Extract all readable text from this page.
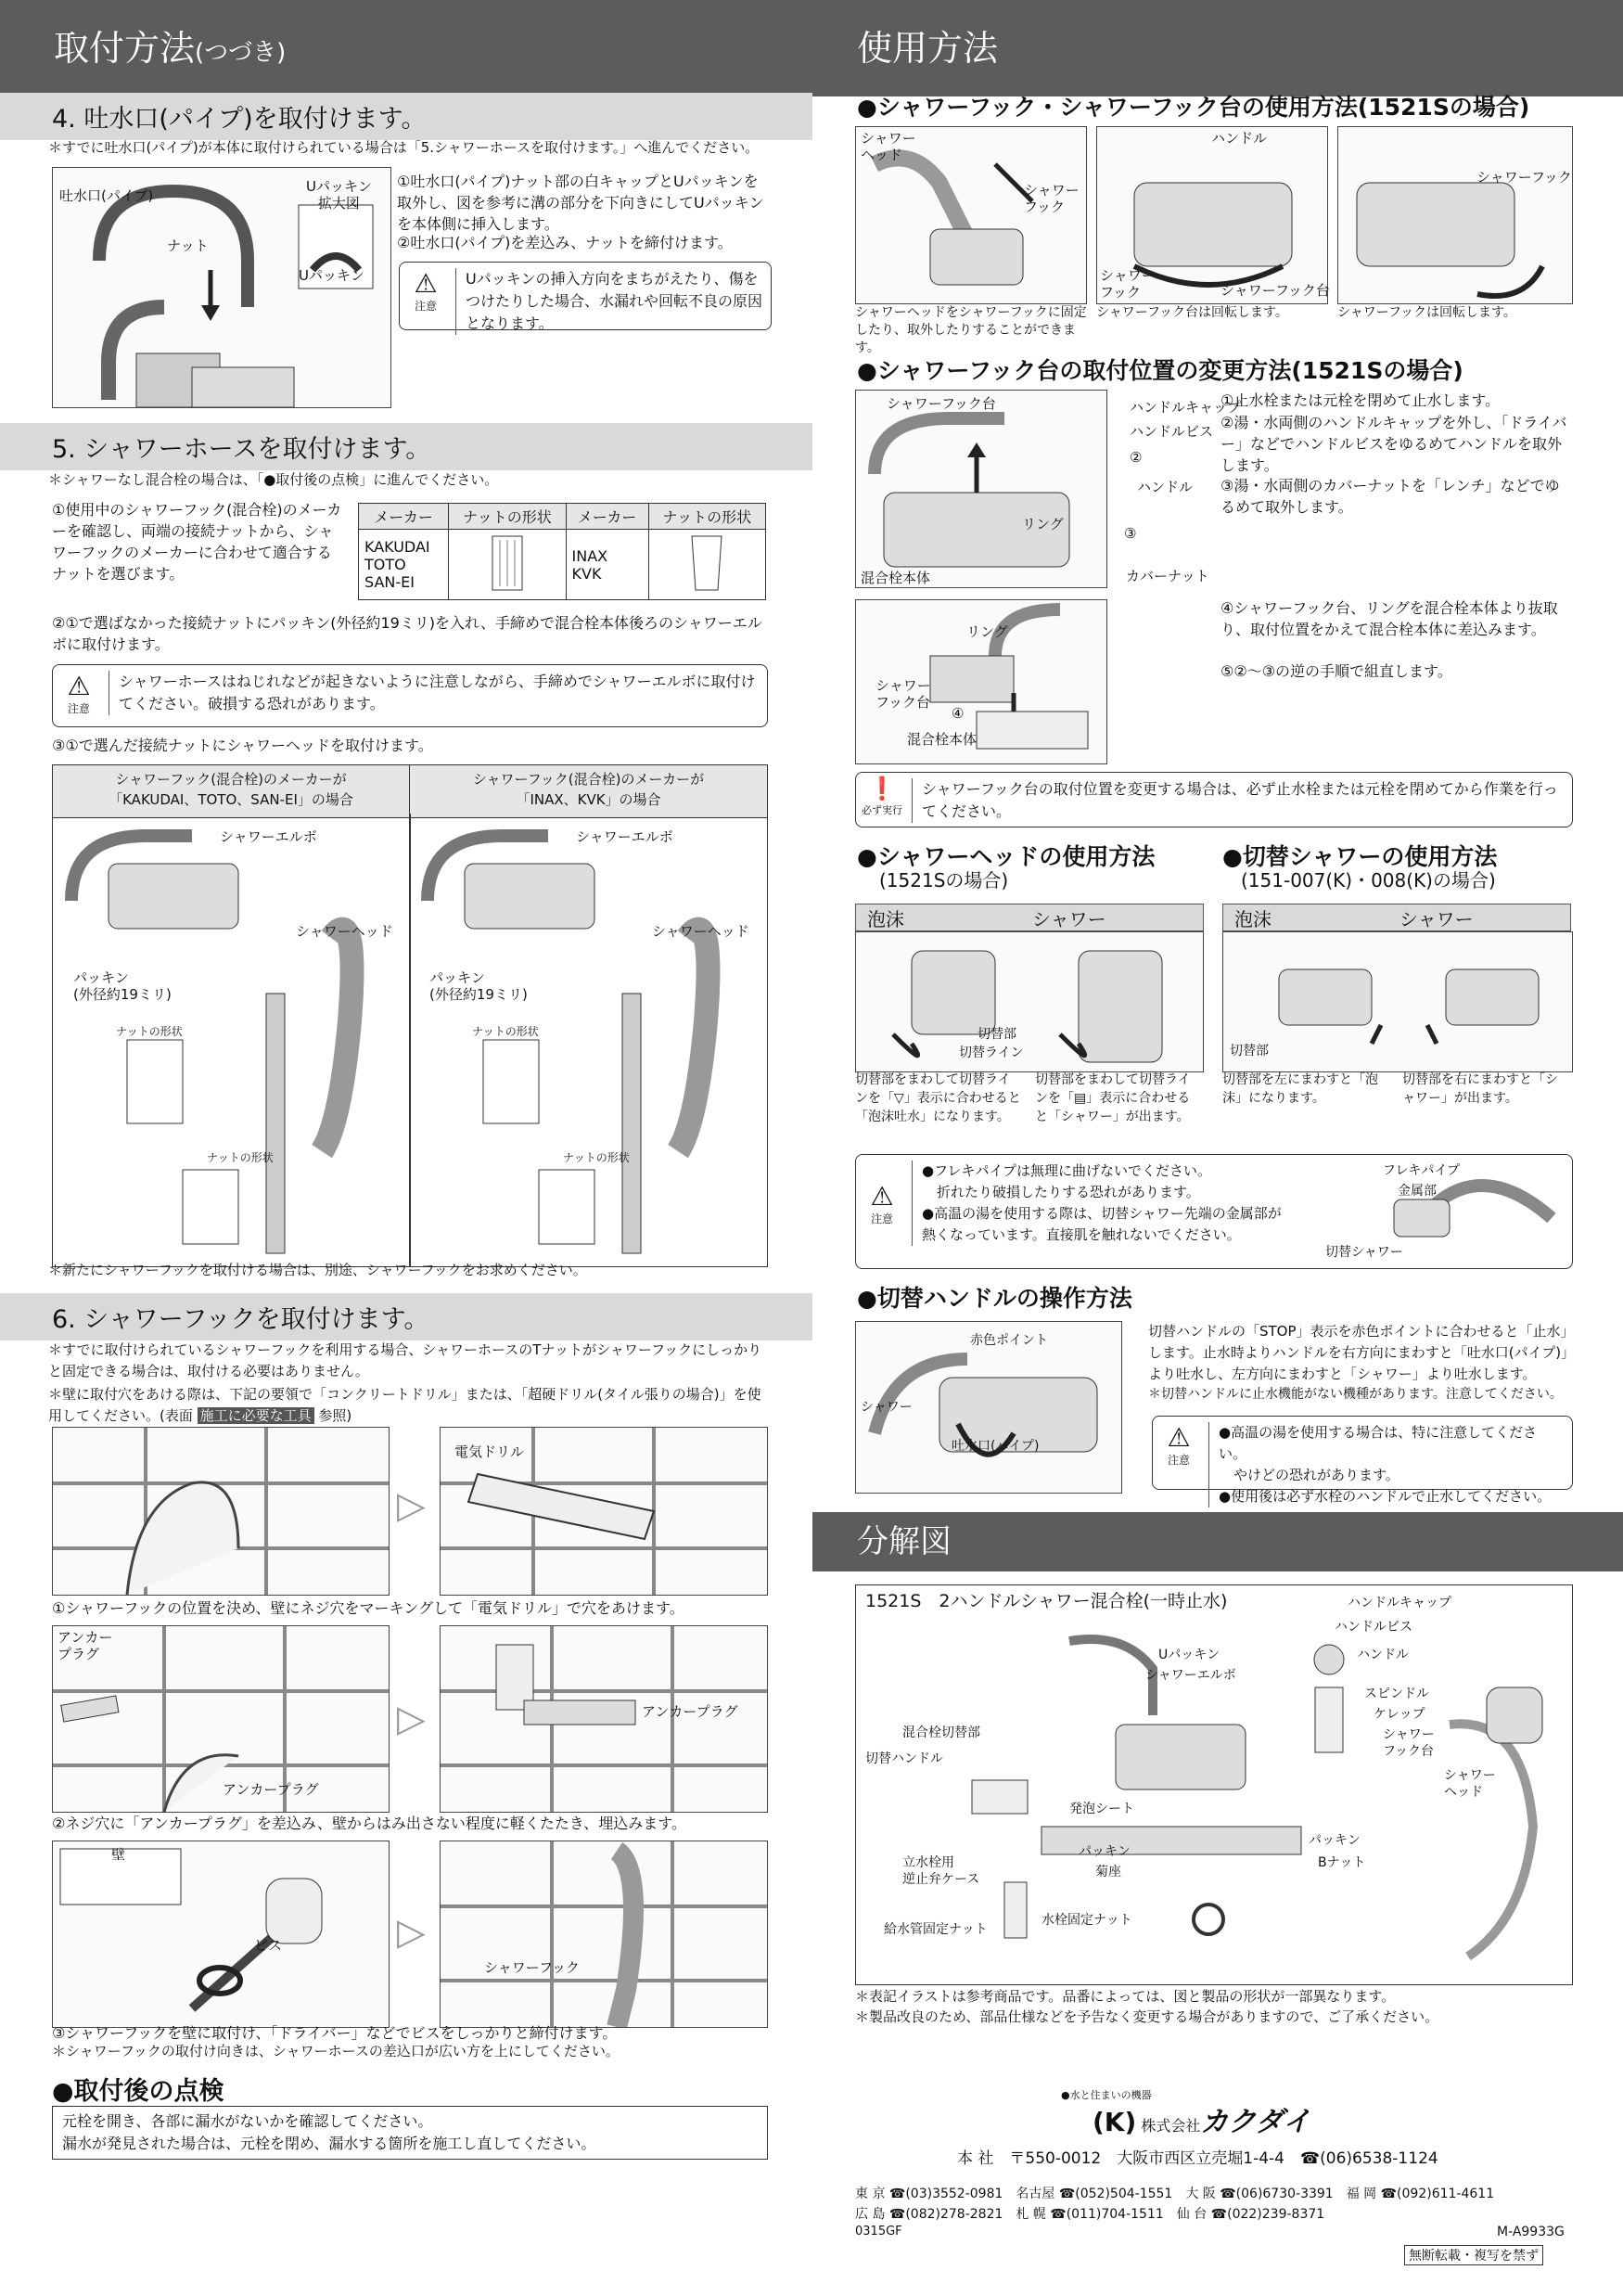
取付方法(つづき)
4. 吐水口(パイプ)を取付けます。
＊すでに吐水口(パイプ)が本体に取付けられている場合は「5.シャワーホースを取付けます。」へ進んでください。
吐水口(パイプ)
ナット
Uパッキン
拡大図
Uパッキン
①吐水口(パイプ)ナット部の白キャップとUパッキンを取外し、図を参考に溝の部分を下向きにしてUパッキンを本体側に挿入します。
②吐水口(パイプ)を差込み、ナットを締付けます。
⚠
注意
Uパッキンの挿入方向をまちがえたり、傷をつけたりした場合、水漏れや回転不良の原因となります。
5. シャワーホースを取付けます。
＊シャワーなし混合栓の場合は、「●取付後の点検」に進んでください。
①使用中のシャワーフック(混合栓)のメーカーを確認し、両端の接続ナットから、シャワーフックのメーカーに合わせて適合するナットを選びます。
メーカー	ナットの形状	メーカー	ナットの形状
KAKUDAI
TOTO
SAN-EI		INAX
KVK	
②①で選ばなかった接続ナットにパッキン(外径約19ミリ)を入れ、手締めで混合栓本体後ろのシャワーエルボに取付けます。
⚠
注意
シャワーホースはねじれなどが起きないように注意しながら、手締めでシャワーエルボに取付けてください。破損する恐れがあります。
③①で選んだ接続ナットにシャワーヘッドを取付けます。
シャワーフック(混合栓)のメーカーが
「KAKUDAI、TOTO、SAN-EI」の場合
シャワーフック(混合栓)のメーカーが
「INAX、KVK」の場合
シャワーエルボ
シャワーヘッド
パッキン
(外径約19ミリ)
ナットの形状
ナットの形状
シャワーエルボ
シャワーヘッド
パッキン
(外径約19ミリ)
ナットの形状
ナットの形状
＊新たにシャワーフックを取付ける場合は、別途、シャワーフックをお求めください。
6. シャワーフックを取付けます。
＊すでに取付けられているシャワーフックを利用する場合、シャワーホースのTナットがシャワーフックにしっかりと固定できる場合は、取付ける必要はありません。
＊壁に取付穴をあける際は、下記の要領で「コンクリートドリル」または、「超硬ドリル(タイル張りの場合)」を使用してください。(表面 施工に必要な工具 参照)
▷
電気ドリル
①シャワーフックの位置を決め、壁にネジ穴をマーキングして「電気ドリル」で穴をあけます。
アンカー
プラグ
アンカープラグ
▷	アンカープラグ
②ネジ穴に「アンカープラグ」を差込み、壁からはみ出さない程度に軽くたたき、埋込みます。
壁
ビス	▷
シャワーフック
③シャワーフックを壁に取付け、「ドライバー」などでビスをしっかりと締付けます。
＊シャワーフックの取付け向きは、シャワーホースの差込口が広い方を上にしてください。
●取付後の点検
元栓を開き、各部に漏水がないかを確認してください。
漏水が発見された場合は、元栓を閉め、漏水する箇所を施工し直してください。
使用方法
●シャワーフック・シャワーフック台の使用方法(1521Sの場合)
シャワー
ヘッド
シャワー
フック
ハンドル
シャワー
フック	シャワーフック台
シャワーフック
シャワーヘッドをシャワーフックに固定したり、取外したりすることができます。
シャワーフック台は回転します。	シャワーフックは回転します。
●シャワーフック台の取付位置の変更方法(1521Sの場合)
シャワーフック台
リング
混合栓本体
ハンドルキャップ
ハンドルビス
②
ハンドル
③
カバーナット
①止水栓または元栓を閉めて止水します。
②湯・水両側のハンドルキャップを外し、「ドライバー」などでハンドルビスをゆるめてハンドルを取外します。
③湯・水両側のカバーナットを「レンチ」などでゆるめて取外します。
リング
シャワー
フック台
④
混合栓本体
④シャワーフック台、リングを混合栓本体より抜取り、取付位置をかえて混合栓本体に差込みます。
⑤②〜③の逆の手順で組直します。
❗
必ず実行
シャワーフック台の取付位置を変更する場合は、必ず止水栓または元栓を閉めてから作業を行ってください。
●シャワーヘッドの使用方法
(1521Sの場合)
泡沫	シャワー
切替部
切替ライン
切替部をまわして切替ラインを「▽」表示に合わせると「泡沫吐水」になります。
切替部をまわして切替ラインを「▤」表示に合わせると「シャワー」が出ます。
●切替シャワーの使用方法
(151-007(K)・008(K)の場合)
泡沫	シャワー
切替部
切替部を左にまわすと「泡沫」になります。
切替部を右にまわすと「シャワー」が出ます。
⚠
注意
●フレキパイプは無理に曲げないでください。
折れたり破損したりする恐れがあります。
●高温の湯を使用する際は、切替シャワー先端の金属部が熱くなっています。直接肌を触れないでください。
フレキパイプ
金属部
切替シャワー
●切替ハンドルの操作方法
赤色ポイント
シャワー
吐水口(パイプ)
切替ハンドルの「STOP」表示を赤色ポイントに合わせると「止水」します。止水時よりハンドルを右方向にまわすと「吐水口(パイプ)」より吐水し、左方向にまわすと「シャワー」より吐水します。
＊切替ハンドルに止水機能がない機種があります。注意してください。
⚠
注意
●高温の湯を使用する場合は、特に注意してください。
やけどの恐れがあります。
●使用後は必ず水栓のハンドルで止水してください。
分解図
1521S　2ハンドルシャワー混合栓(一時止水)	ハンドルキャップ
ハンドルビス
ハンドル
Uパッキン
シャワーエルボ
スピンドル
ケレップ
シャワー
フック台
シャワー
ヘッド
混合栓切替部
切替ハンドル
発泡シート
パッキン
菊座
立水栓用
逆止弁ケース
給水管固定ナット
水栓固定ナット
パッキン
Bナット
＊表記イラストは参考商品です。品番によっては、図と製品の形状が一部異なります。
＊製品改良のため、部品仕様などを予告なく変更する場合がありますので、ご了承ください。
●水と住まいの機器
(K) 株式会社カクダイ
本 社　〒550-0012　大阪市西区立売堀1-4-4　☎(06)6538-1124
東 京 ☎(03)3552-0981　名古屋 ☎(052)504-1551　大 阪 ☎(06)6730-3391　福 岡 ☎(092)611-4611
広 島 ☎(082)278-2821　札 幌 ☎(011)704-1511　仙 台 ☎(022)239-8371
0315GF	M-A9933G
無断転載・複写を禁ず
